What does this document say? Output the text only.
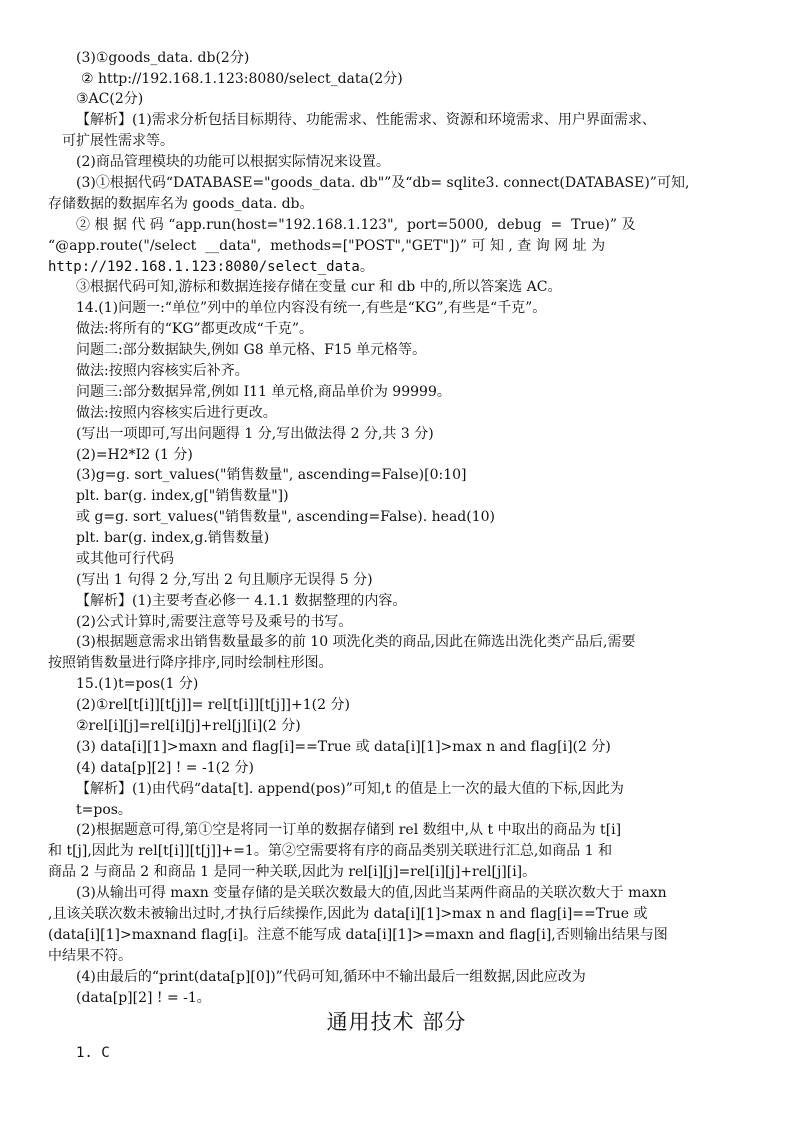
(3)①goods_data. db(2分)
② http://192.168.1.123:8080/select_data(2分)
③AC(2分)
【解析】(1)需求分析包括目标期待、功能需求、性能需求、资源和环境需求、用户界面需求、
可扩展性需求等。
(2)商品管理模块的功能可以根据实际情况来设置。
(3)①根据代码“DATABASE="goods_data. db"”及“db= sqlite3. connect(DATABASE)”可知,
存储数据的数据库名为 goods_data. db。
② 根 据 代 码 “app.run(host="192.168.1.123",  port=5000,  debug  =  True)” 及
“@app.route("/select  __data",  methods=["POST","GET"])” 可 知 , 查 询 网 址 为
http://192.168.1.123:8080/select_data。
③根据代码可知,游标和数据连接存储在变量 cur 和 db 中的,所以答案选 AC。
14.(1)问题一:“单位”列中的单位内容没有统一,有些是“KG”,有些是“千克”。
做法:将所有的“KG”都更改成“千克”。
问题二:部分数据缺失,例如 G8 单元格、F15 单元格等。
做法:按照内容核实后补齐。
问题三:部分数据异常,例如 I11 单元格,商品单价为 99999。
做法:按照内容核实后进行更改。
(写出一项即可,写出问题得 1 分,写出做法得 2 分,共 3 分)
(2)=H2*I2 (1 分)
(3)g=g. sort_values("销售数量", ascending=False)[0:10]
plt. bar(g. index,g["销售数量"])
或 g=g. sort_values("销售数量", ascending=False). head(10)
plt. bar(g. index,g.销售数量)
或其他可行代码
(写出 1 句得 2 分,写出 2 句且顺序无误得 5 分)
【解析】(1)主要考查必修一 4.1.1 数据整理的内容。
(2)公式计算时,需要注意等号及乘号的书写。
(3)根据题意需求出销售数量最多的前 10 项洗化类的商品,因此在筛选出洗化类产品后,需要
按照销售数量进行降序排序,同时绘制柱形图。
15.(1)t=pos(1 分)
(2)①rel[t[i]][t[j]]= rel[t[i]][t[j]]+1(2 分)
②rel[i][j]=rel[i][j]+rel[j][i](2 分)
(3) data[i][1]>maxn and flag[i]==True 或 data[i][1]>max n and flag[i](2 分)
(4) data[p][2] ! = -1(2 分)
【解析】(1)由代码“data[t]. append(pos)”可知,t 的值是上一次的最大值的下标,因此为
t=pos。
(2)根据题意可得,第①空是将同一订单的数据存储到 rel 数组中,从 t 中取出的商品为 t[i]
和 t[j],因此为 rel[t[i]][t[j]]+=1。第②空需要将有序的商品类别关联进行汇总,如商品 1 和
商品 2 与商品 2 和商品 1 是同一种关联,因此为 rel[i][j]=rel[i][j]+rel[j][i]。
(3)从输出可得 maxn 变量存储的是关联次数最大的值,因此当某两件商品的关联次数大于 maxn
,且该关联次数未被输出过时,才执行后续操作,因此为 data[i][1]>max n and flag[i]==True 或
(data[i][1]>maxnand flag[i]。注意不能写成 data[i][1]>=maxn and flag[i],否则输出结果与图
中结果不符。
(4)由最后的“print(data[p][0])”代码可知,循环中不输出最后一组数据,因此应改为
(data[p][2] ! = -1。
通用技术 部分
1. C
